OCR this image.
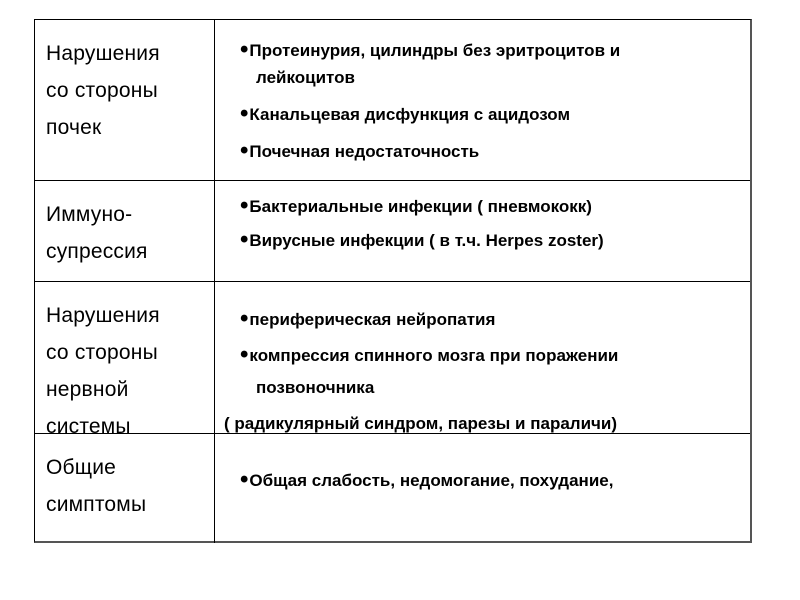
Нарушения
со стороны
почек
•Протеинурия, цилиндры без эритроцитов и
лейкоцитов
•Канальцевая дисфункция с ацидозом
•Почечная недостаточность
Иммуно-
супрессия
•Бактериальные инфекции ( пневмококк)
•Вирусные инфекции ( в т.ч. Herpes zoster)
Нарушения
со стороны
нервной
системы
•периферическая нейропатия
•компрессия спинного мозга при поражении
позвоночника
( радикулярный синдром, парезы и параличи)
Общие
симптомы
•Общая слабость, недомогание, похудание,
